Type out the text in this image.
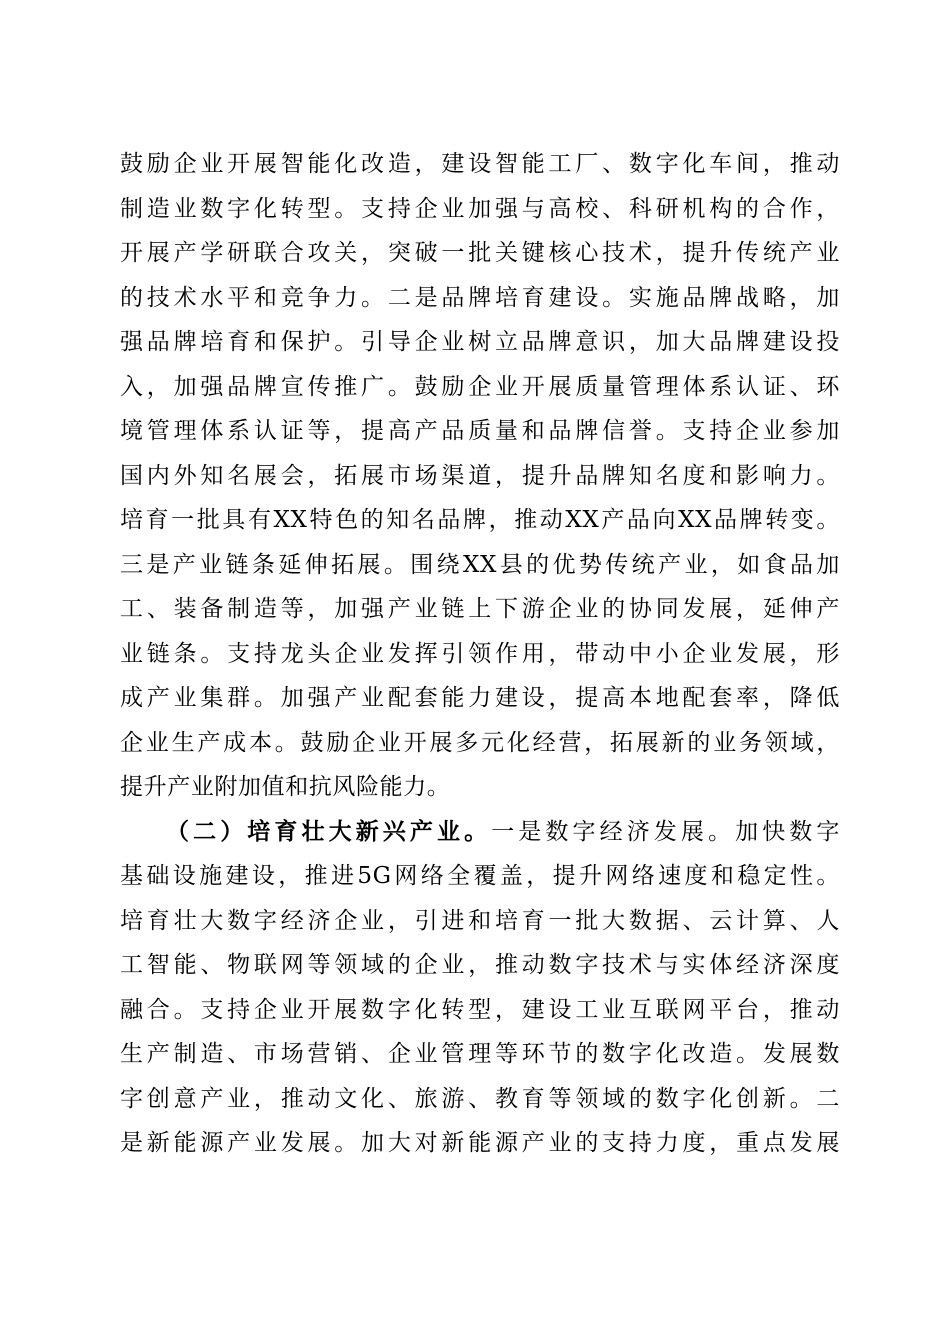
鼓励企业开展智能化改造，建设智能工厂、数字化车间，推动
制造业数字化转型。支持企业加强与高校、科研机构的合作，
开展产学研联合攻关，突破一批关键核心技术，提升传统产业
的技术水平和竞争力。二是品牌培育建设。实施品牌战略，加
强品牌培育和保护。引导企业树立品牌意识，加大品牌建设投
入，加强品牌宣传推广。鼓励企业开展质量管理体系认证、环
境管理体系认证等，提高产品质量和品牌信誉。支持企业参加
国内外知名展会，拓展市场渠道，提升品牌知名度和影响力。
培育一批具有XX特色的知名品牌，推动XX产品向XX品牌转变。
三是产业链条延伸拓展。围绕XX县的优势传统产业，如食品加
工、装备制造等，加强产业链上下游企业的协同发展，延伸产
业链条。支持龙头企业发挥引领作用，带动中小企业发展，形
成产业集群。加强产业配套能力建设，提高本地配套率，降低
企业生产成本。鼓励企业开展多元化经营，拓展新的业务领域，
提升产业附加值和抗风险能力。
（二）培育壮大新兴产业。一是数字经济发展。加快数字
基础设施建设，推进5G网络全覆盖，提升网络速度和稳定性。
培育壮大数字经济企业，引进和培育一批大数据、云计算、人
工智能、物联网等领域的企业，推动数字技术与实体经济深度
融合。支持企业开展数字化转型，建设工业互联网平台，推动
生产制造、市场营销、企业管理等环节的数字化改造。发展数
字创意产业，推动文化、旅游、教育等领域的数字化创新。二
是新能源产业发展。加大对新能源产业的支持力度，重点发展
